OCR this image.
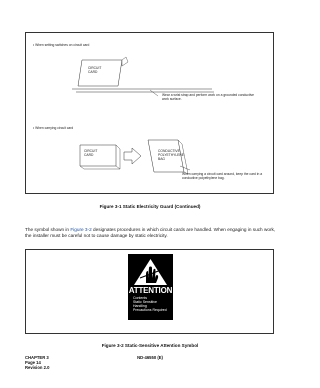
• When setting switches on circuit card
CIRCUIT
CARD
Wear a wrist strap and perform work on a grounded conductive work surface.
• When carrying circuit card
CIRCUIT
CARD
CONDUCTIVE
POLYETHYLENE
BAG
When carrying a circuit card around, keep the card in a conductive polyethylene bag.
Figure 3-1 Static Electricity Guard (Continued)
The symbol shown in Figure 3-2 designates procedures in which circuit cards are handled. When engaging in such work, the installer must be careful not to cause damage by static electricity.
ATTENTION
Contents
Static Sensitive
Handling
Precautions Required
Figure 3-2 Static-Sensitive Attention Symbol
CHAPTER 3
Page 14
Revision 2.0
ND-46550 (E)
